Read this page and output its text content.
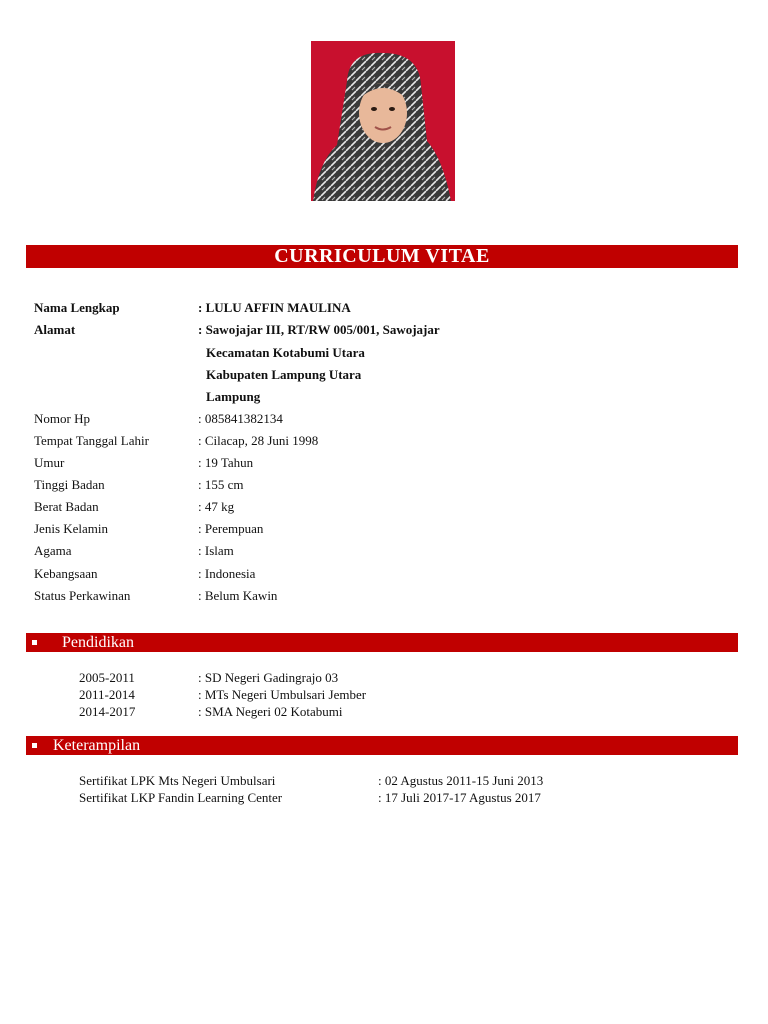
CURRICULUM VITAE
Nama Lengkap	: LULU AFFIN MAULINA
Alamat	: Sawojajar III, RT/RW 005/001, Sawojajar
Kecamatan Kotabumi Utara
Kabupaten Lampung Utara
Lampung
Nomor Hp	: 085841382134
Tempat Tanggal Lahir	: Cilacap, 28 Juni 1998
Umur	: 19 Tahun
Tinggi Badan	: 155 cm
Berat Badan	: 47 kg
Jenis Kelamin	: Perempuan
Agama	: Islam
Kebangsaan	: Indonesia
Status Perkawinan	: Belum Kawin
Pendidikan
2005-2011	: SD Negeri Gadingrajo 03
2011-2014	: MTs Negeri Umbulsari Jember
2014-2017	: SMA Negeri 02 Kotabumi
Keterampilan
Sertifikat LPK Mts Negeri Umbulsari	: 02 Agustus 2011-15 Juni 2013
Sertifikat LKP Fandin Learning Center	: 17 Juli 2017-17 Agustus 2017
